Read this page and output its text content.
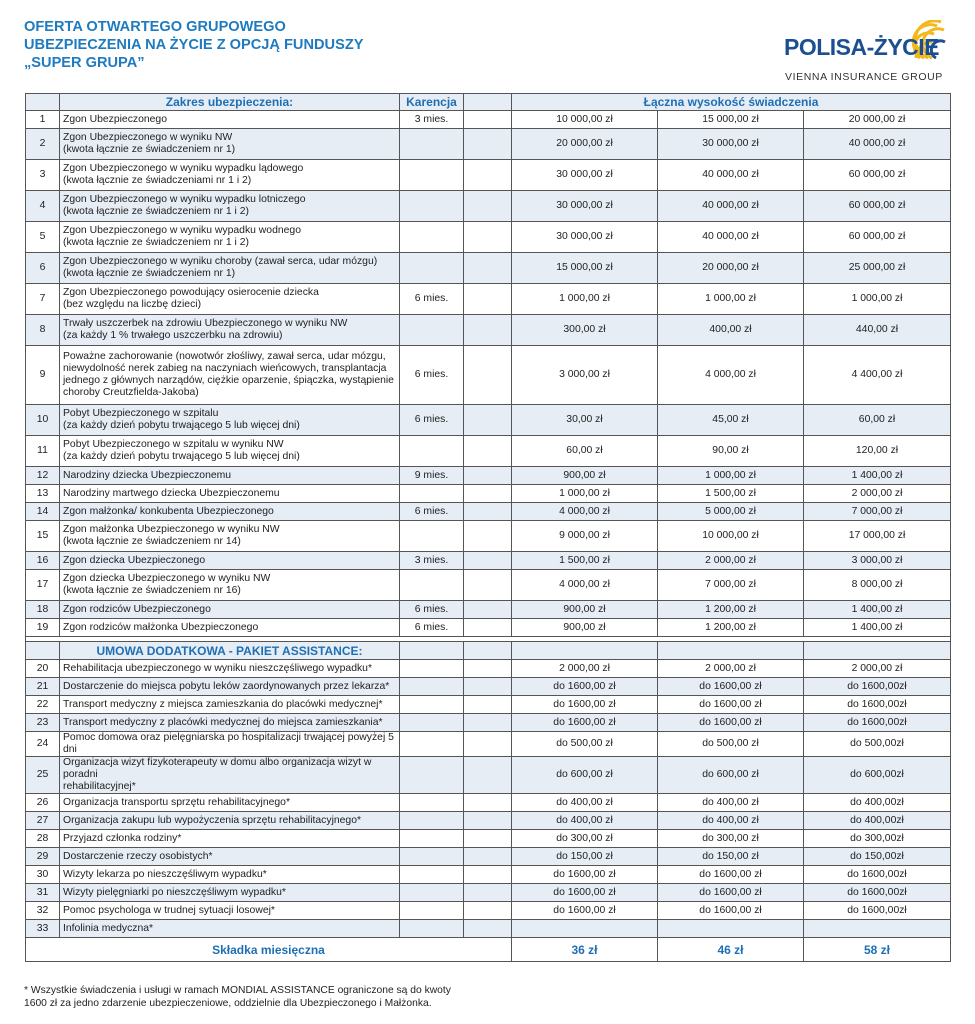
OFERTA OTWARTEGO GRUPOWEGO
UBEZPIECZENIA NA ŻYCIE Z OPCJĄ FUNDUSZY
„SUPER GRUPA”
POLISA-ŻYCIE
VIENNA INSURANCE GROUP
	Zakres ubezpieczenia:	Karencja		Łączna wysokość świadczenia		
1	Zgon Ubezpieczonego	3 mies.		10 000,00 zł	15 000,00 zł	20 000,00 zł
2	Zgon Ubezpieczonego w wyniku NW
(kwota łącznie ze świadczeniem nr 1)			20 000,00 zł	30 000,00 zł	40 000,00 zł
3	Zgon Ubezpieczonego w wyniku wypadku lądowego
(kwota łącznie ze świadczeniami nr 1 i 2)			30 000,00 zł	40 000,00 zł	60 000,00 zł
4	Zgon Ubezpieczonego w wyniku wypadku lotniczego
(kwota łącznie ze świadczeniem nr 1 i 2)			30 000,00 zł	40 000,00 zł	60 000,00 zł
5	Zgon Ubezpieczonego w wyniku wypadku wodnego
(kwota łącznie ze świadczeniem nr 1 i 2)			30 000,00 zł	40 000,00 zł	60 000,00 zł
6	Zgon Ubezpieczonego w wyniku choroby (zawał serca, udar mózgu)
(kwota łącznie ze świadczeniem nr 1)			15 000,00 zł	20 000,00 zł	25 000,00 zł
7	Zgon Ubezpieczonego powodujący osierocenie dziecka
(bez względu na liczbę dzieci)	6 mies.		1 000,00 zł	1 000,00 zł	1 000,00 zł
8	Trwały uszczerbek na zdrowiu Ubezpieczonego w wyniku NW
(za każdy 1 % trwałego uszczerbku na zdrowiu)			300,00 zł	400,00 zł	440,00 zł
9	Poważne zachorowanie (nowotwór złośliwy, zawał serca, udar mózgu,
niewydolność nerek zabieg na naczyniach wieńcowych, transplantacja
jednego z głównych narządów, ciężkie oparzenie, śpiączka, wystąpienie
choroby Creutzfielda-Jakoba)	6 mies.		3 000,00 zł	4 000,00 zł	4 400,00 zł
10	Pobyt Ubezpieczonego w szpitalu
(za każdy dzień pobytu trwającego 5 lub więcej dni)	6 mies.		30,00 zł	45,00 zł	60,00 zł
11	Pobyt Ubezpieczonego w szpitalu w wyniku NW
(za każdy dzień pobytu trwającego 5 lub więcej dni)			60,00 zł	90,00 zł	120,00 zł
12	Narodziny dziecka Ubezpieczonemu	9 mies.		900,00 zł	1 000,00 zł	1 400,00 zł
13	Narodziny martwego dziecka Ubezpieczonemu			1 000,00 zł	1 500,00 zł	2 000,00 zł
14	Zgon małżonka/ konkubenta Ubezpieczonego	6 mies.		4 000,00 zł	5 000,00 zł	7 000,00 zł
15	Zgon małżonka Ubezpieczonego w wyniku NW
(kwota łącznie ze świadczeniem nr 14)			9 000,00 zł	10 000,00 zł	17 000,00 zł
16	Zgon dziecka Ubezpieczonego	3 mies.		1 500,00 zł	2 000,00 zł	3 000,00 zł
17	Zgon dziecka Ubezpieczonego w wyniku NW
(kwota łącznie ze świadczeniem nr 16)			4 000,00 zł	7 000,00 zł	8 000,00 zł
18	Zgon rodziców Ubezpieczonego	6 mies.		900,00 zł	1 200,00 zł	1 400,00 zł
19	Zgon rodziców małżonka Ubezpieczonego	6 mies.		900,00 zł	1 200,00 zł	1 400,00 zł

	UMOWA DODATKOWA - PAKIET ASSISTANCE:					
20	Rehabilitacja ubezpieczonego w wyniku nieszczęśliwego wypadku*			2 000,00 zł	2 000,00 zł	2 000,00 zł
21	Dostarczenie do miejsca pobytu leków zaordynowanych przez lekarza*			do 1600,00 zł	do 1600,00 zł	do 1600,00zł
22	Transport medyczny z miejsca zamieszkania do placówki medycznej*			do 1600,00 zł	do 1600,00 zł	do 1600,00zł
23	Transport medyczny z placówki medycznej do miejsca zamieszkania*			do 1600,00 zł	do 1600,00 zł	do 1600,00zł
24	Pomoc domowa oraz pielęgniarska po hospitalizacji trwającej powyżej 5 dni			do 500,00 zł	do 500,00 zł	do 500,00zł
25	Organizacja wizyt fizykoterapeuty w domu albo organizacja wizyt w poradni
rehabilitacyjnej*			do 600,00 zł	do 600,00 zł	do 600,00zł
26	Organizacja transportu sprzętu rehabilitacyjnego*			do 400,00 zł	do 400,00 zł	do 400,00zł
27	Organizacja zakupu lub wypożyczenia sprzętu rehabilitacyjnego*			do 400,00 zł	do 400,00 zł	do 400,00zł
28	Przyjazd członka rodziny*			do 300,00 zł	do 300,00 zł	do 300,00zł
29	Dostarczenie rzeczy osobistych*			do 150,00 zł	do 150,00 zł	do 150,00zł
30	Wizyty lekarza po nieszczęśliwym wypadku*			do 1600,00 zł	do 1600,00 zł	do 1600,00zł
31	Wizyty pielęgniarki po nieszczęśliwym wypadku*			do 1600,00 zł	do 1600,00 zł	do 1600,00zł
32	Pomoc psychologa w trudnej sytuacji losowej*			do 1600,00 zł	do 1600,00 zł	do 1600,00zł
33	Infolinia medyczna*					

Składka miesięczna				36 zł	46 zł	58 zł
* Wszystkie świadczenia i usługi w ramach MONDIAL ASSISTANCE ograniczone są do kwoty
1600 zł za jedno zdarzenie ubezpieczeniowe, oddzielnie dla Ubezpieczonego i Małżonka.
